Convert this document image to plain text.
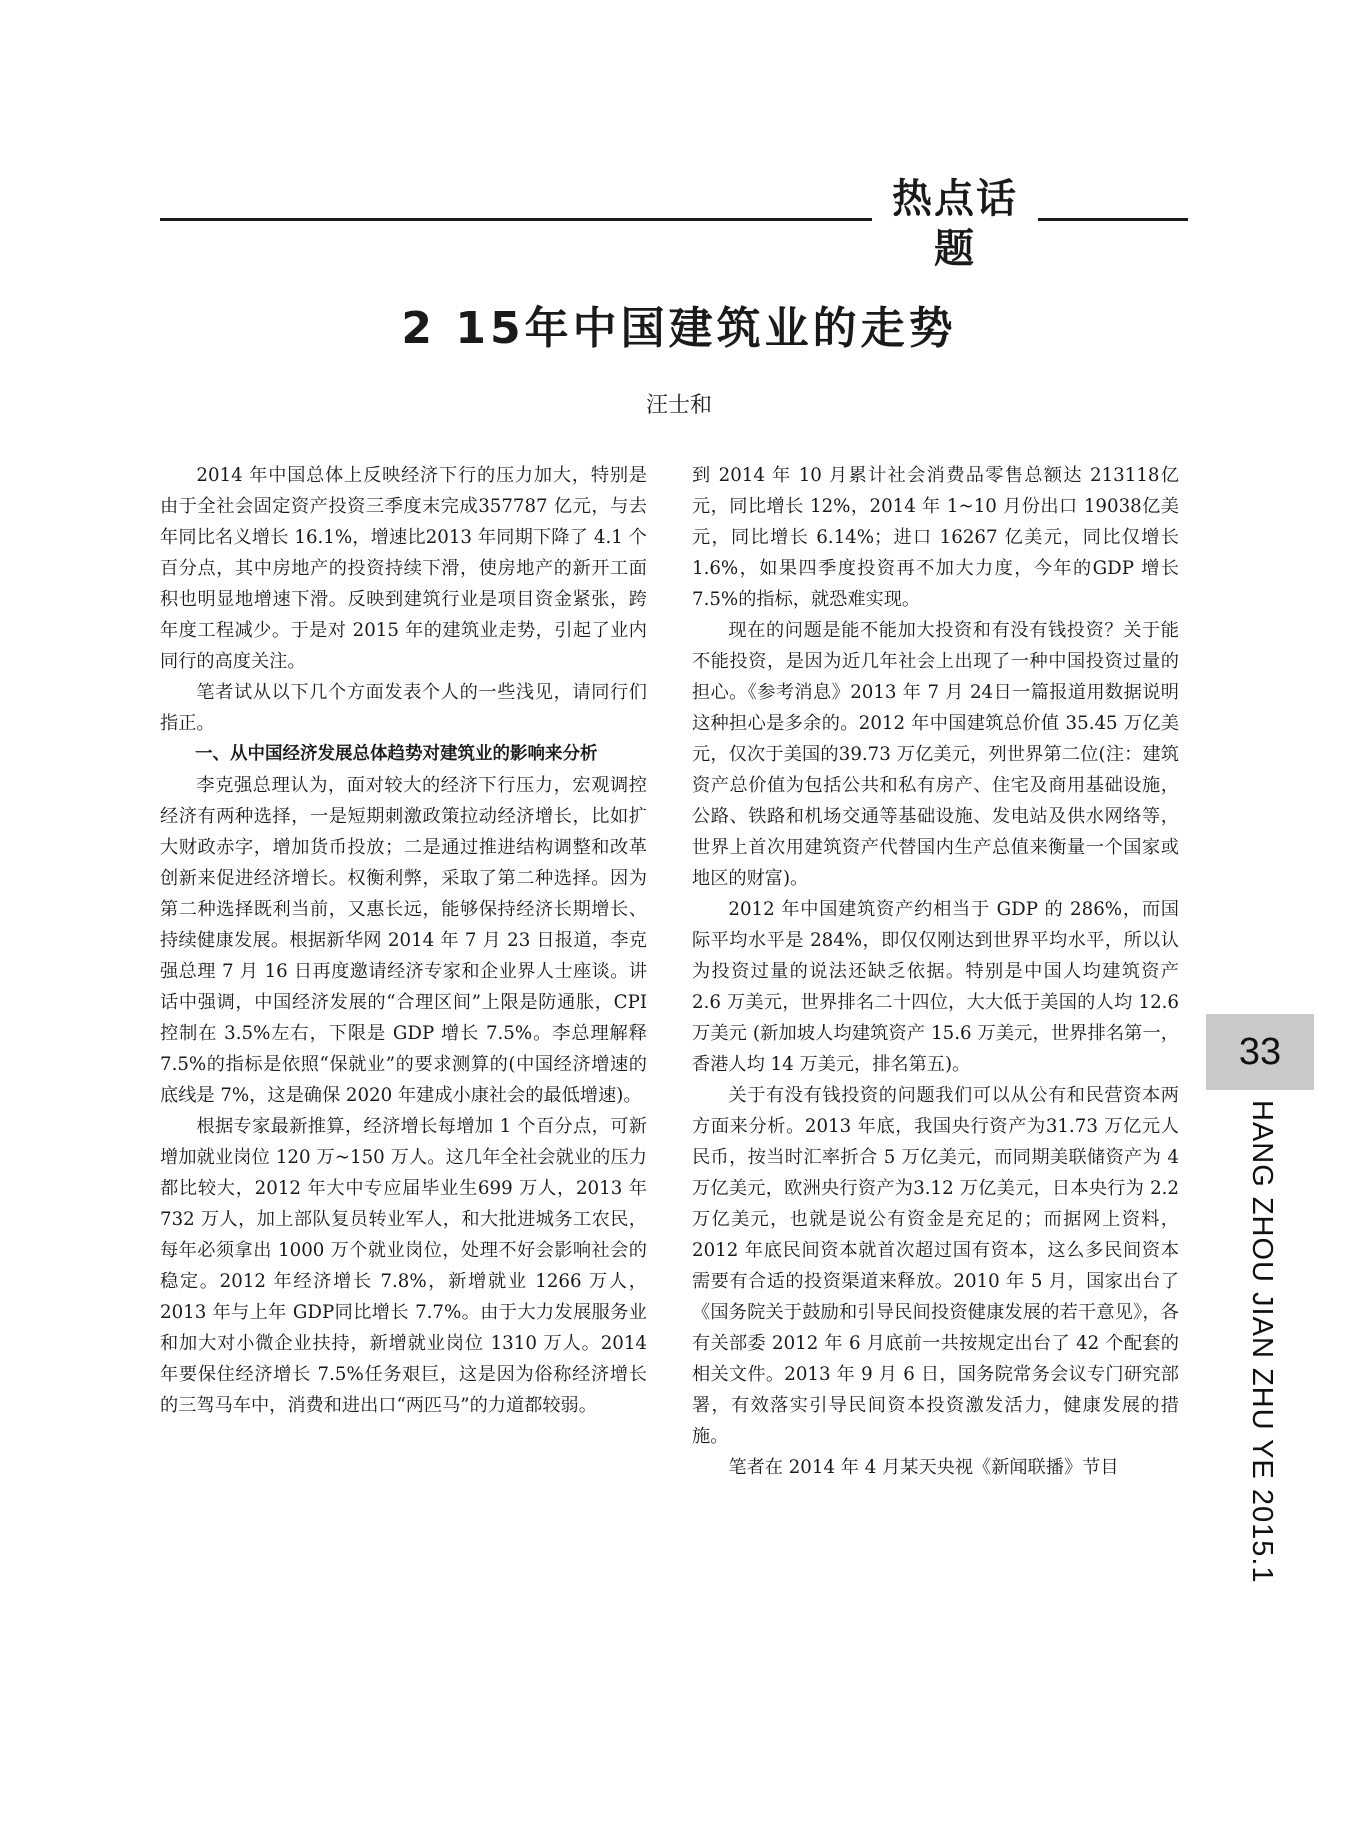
热点话题
2 15年中国建筑业的走势
汪士和

2014 年中国总体上反映经济下行的压力加大，特别是由于全社会固定资产投资三季度末完成357787 亿元，与去年同比名义增长 16.1%，增速比2013 年同期下降了 4.1 个百分点，其中房地产的投资持续下滑，使房地产的新开工面积也明显地增速下滑。反映到建筑行业是项目资金紧张，跨年度工程减少。于是对 2015 年的建筑业走势，引起了业内同行的高度关注。

笔者试从以下几个方面发表个人的一些浅见，请同行们指正。

一、从中国经济发展总体趋势对建筑业的影响来分析

李克强总理认为，面对较大的经济下行压力，宏观调控经济有两种选择，一是短期刺激政策拉动经济增长，比如扩大财政赤字，增加货币投放；二是通过推进结构调整和改革创新来促进经济增长。权衡利弊，采取了第二种选择。因为第二种选择既利当前，又惠长远，能够保持经济长期增长、持续健康发展。根据新华网 2014 年 7 月 23 日报道，李克强总理 7 月 16 日再度邀请经济专家和企业界人士座谈。讲话中强调，中国经济发展的“合理区间”上限是防通胀，CPI 控制在 3.5%左右，下限是 GDP 增长 7.5%。李总理解释 7.5%的指标是依照“保就业”的要求测算的(中国经济增速的底线是 7%，这是确保 2020 年建成小康社会的最低增速)。

根据专家最新推算，经济增长每增加 1 个百分点，可新增加就业岗位 120 万~150 万人。这几年全社会就业的压力都比较大，2012 年大中专应届毕业生699 万人，2013 年 732 万人，加上部队复员转业军人，和大批进城务工农民，每年必须拿出 1000 万个就业岗位，处理不好会影响社会的稳定。2012 年经济增长 7.8%，新增就业 1266 万人，2013 年与上年 GDP同比增长 7.7%。由于大力发展服务业和加大对小微企业扶持，新增就业岗位 1310 万人。2014 年要保住经济增长 7.5%任务艰巨，这是因为俗称经济增长的三驾马车中，消费和进出口“两匹马”的力道都较弱。

到 2014 年 10 月累计社会消费品零售总额达 213118亿元，同比增长 12%，2014 年 1~10 月份出口 19038亿美元，同比增长 6.14%；进口 16267 亿美元，同比仅增长 1.6%，如果四季度投资再不加大力度，今年的GDP 增长 7.5%的指标，就恐难实现。

现在的问题是能不能加大投资和有没有钱投资？关于能不能投资，是因为近几年社会上出现了一种中国投资过量的担心。《参考消息》2013 年 7 月 24日一篇报道用数据说明这种担心是多余的。2012 年中国建筑总价值 35.45 万亿美元，仅次于美国的39.73 万亿美元，列世界第二位(注：建筑资产总价值为包括公共和私有房产、住宅及商用基础设施，公路、铁路和机场交通等基础设施、发电站及供水网络等，世界上首次用建筑资产代替国内生产总值来衡量一个国家或地区的财富)。

2012 年中国建筑资产约相当于 GDP 的 286%，而国际平均水平是 284%，即仅仅刚达到世界平均水平，所以认为投资过量的说法还缺乏依据。特别是中国人均建筑资产 2.6 万美元，世界排名二十四位，大大低于美国的人均 12.6 万美元 (新加坡人均建筑资产 15.6 万美元，世界排名第一，香港人均 14 万美元，排名第五)。

关于有没有钱投资的问题我们可以从公有和民营资本两方面来分析。2013 年底，我国央行资产为31.73 万亿元人民币，按当时汇率折合 5 万亿美元，而同期美联储资产为 4 万亿美元，欧洲央行资产为3.12 万亿美元，日本央行为 2.2 万亿美元，也就是说公有资金是充足的；而据网上资料，2012 年底民间资本就首次超过国有资本，这么多民间资本需要有合适的投资渠道来释放。2010 年 5 月，国家出台了《国务院关于鼓励和引导民间投资健康发展的若干意见》，各有关部委 2012 年 6 月底前一共按规定出台了 42 个配套的相关文件。2013 年 9 月 6 日，国务院常务会议专门研究部署，有效落实引导民间资本投资激发活力，健康发展的措施。

笔者在 2014 年 4 月某天央视《新闻联播》节目

33
HANG ZHOU JIAN ZHU YE 2015.1
